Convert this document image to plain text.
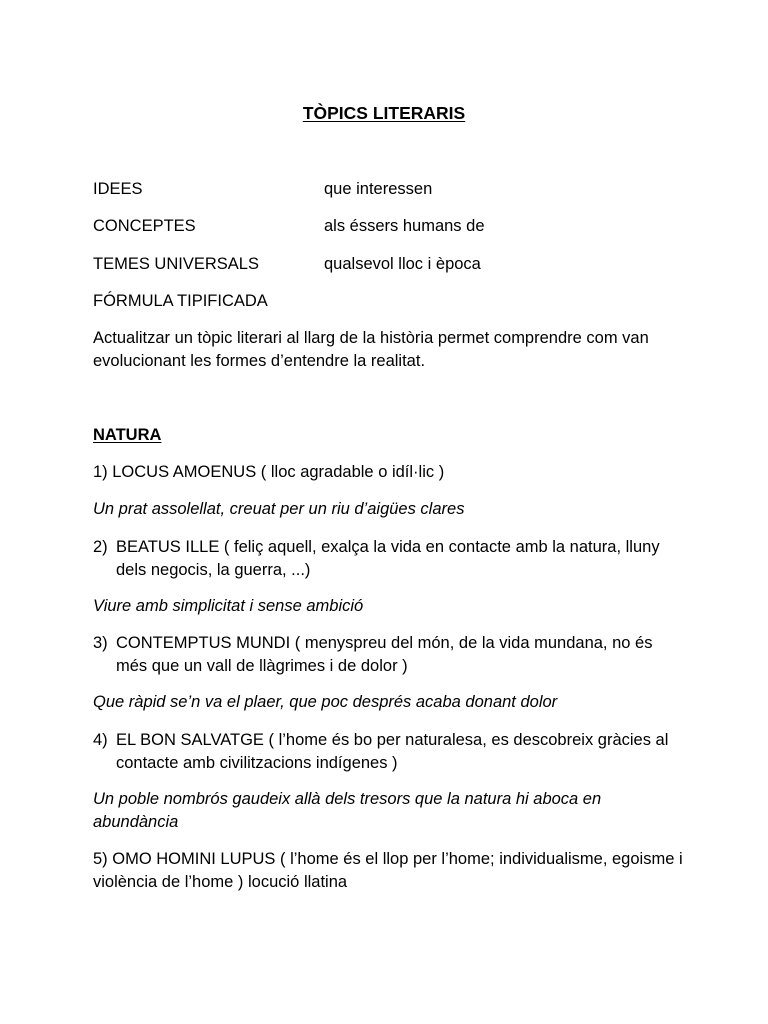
TÒPICS LITERARIS
IDEES	que interessen
CONCEPTES	als éssers humans de
TEMES UNIVERSALS	qualsevol lloc i època
FÓRMULA TIPIFICADA
Actualitzar un tòpic literari al llarg de la història permet comprendre com van evolucionant les formes d’entendre la realitat.
NATURA
1) LOCUS AMOENUS ( lloc agradable o idíl·lic )
Un prat assolellat, creuat per un riu d’aigües clares
2) BEATUS ILLE ( feliç aquell, exalça la vida en contacte amb la natura, lluny dels negocis, la guerra, ...)
Viure amb simplicitat i sense ambició
3) CONTEMPTUS MUNDI ( menyspreu del món, de la vida mundana, no és més que un vall de llàgrimes i de dolor )
Que ràpid se’n va el plaer, que poc després acaba donant dolor
4) EL BON SALVATGE ( l’home és bo per naturalesa, es descobreix gràcies al contacte amb civilitzacions indígenes )
Un poble nombrós gaudeix allà dels tresors que la natura hi aboca en abundància
5) OMO HOMINI LUPUS ( l’home és el llop per l’home; individualisme, egoisme i violència de l’home ) locució llatina
